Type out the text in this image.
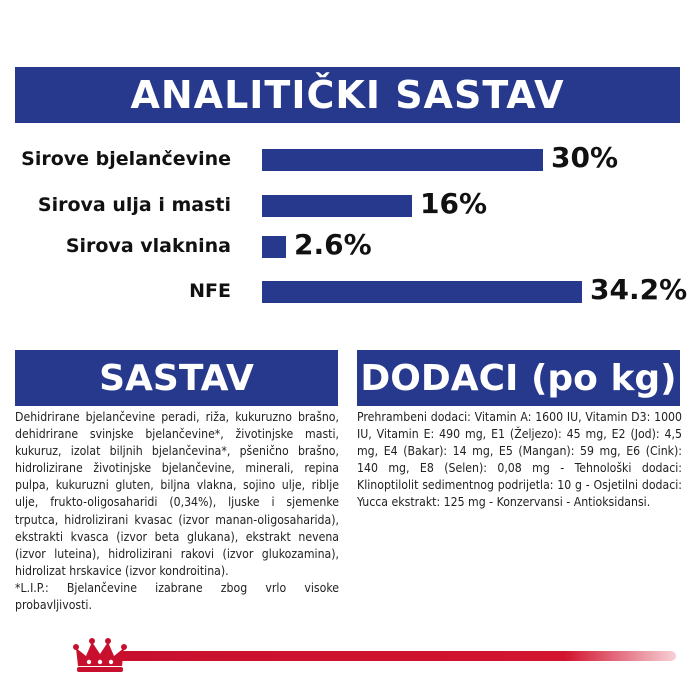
ANALITIČKI SASTAV
Sirove bjelančevine	30%
Sirova ulja i masti	16%
Sirova vlaknina 2.6%
NFE	34.2%
SASTAV	DODACI (po kg)
Dehidrirane bjelančevine peradi, riža, kukuruzno brašno, dehidrirane svinjske bjelančevine*, životinjske masti, kukuruz, izolat biljnih bjelančevina*, pšenično brašno, hidrolizirane životinjske bjelančevine, minerali, repina pulpa, kukuruzni gluten, biljna vlakna, sojino ulje, riblje ulje, frukto-oligosaharidi (0,34%), ljuske i sjemenke trputca, hidrolizirani kvasac (izvor manan-oligosaharida), ekstrakti kvasca (izvor beta glukana), ekstrakt nevena (izvor luteina), hidrolizirani rakovi (izvor glukozamina), hidrolizat hrskavice (izvor kondroitina).
*L.I.P.: Bjelančevine izabrane zbog vrlo visoke probavljivosti.
Prehrambeni dodaci: Vitamin A: 1600 IU, Vitamin D3: 1000 IU, Vitamin E: 490 mg, E1 (Željezo): 45 mg, E2 (Jod): 4,5 mg, E4 (Bakar): 14 mg, E5 (Mangan): 59 mg, E6 (Cink): 140 mg, E8 (Selen): 0,08 mg - Tehnološki dodaci: Klinoptilolit sedimentnog podrijetla: 10 g - Osjetilni dodaci: Yucca ekstrakt: 125 mg - Konzervansi - Antioksidansi.
